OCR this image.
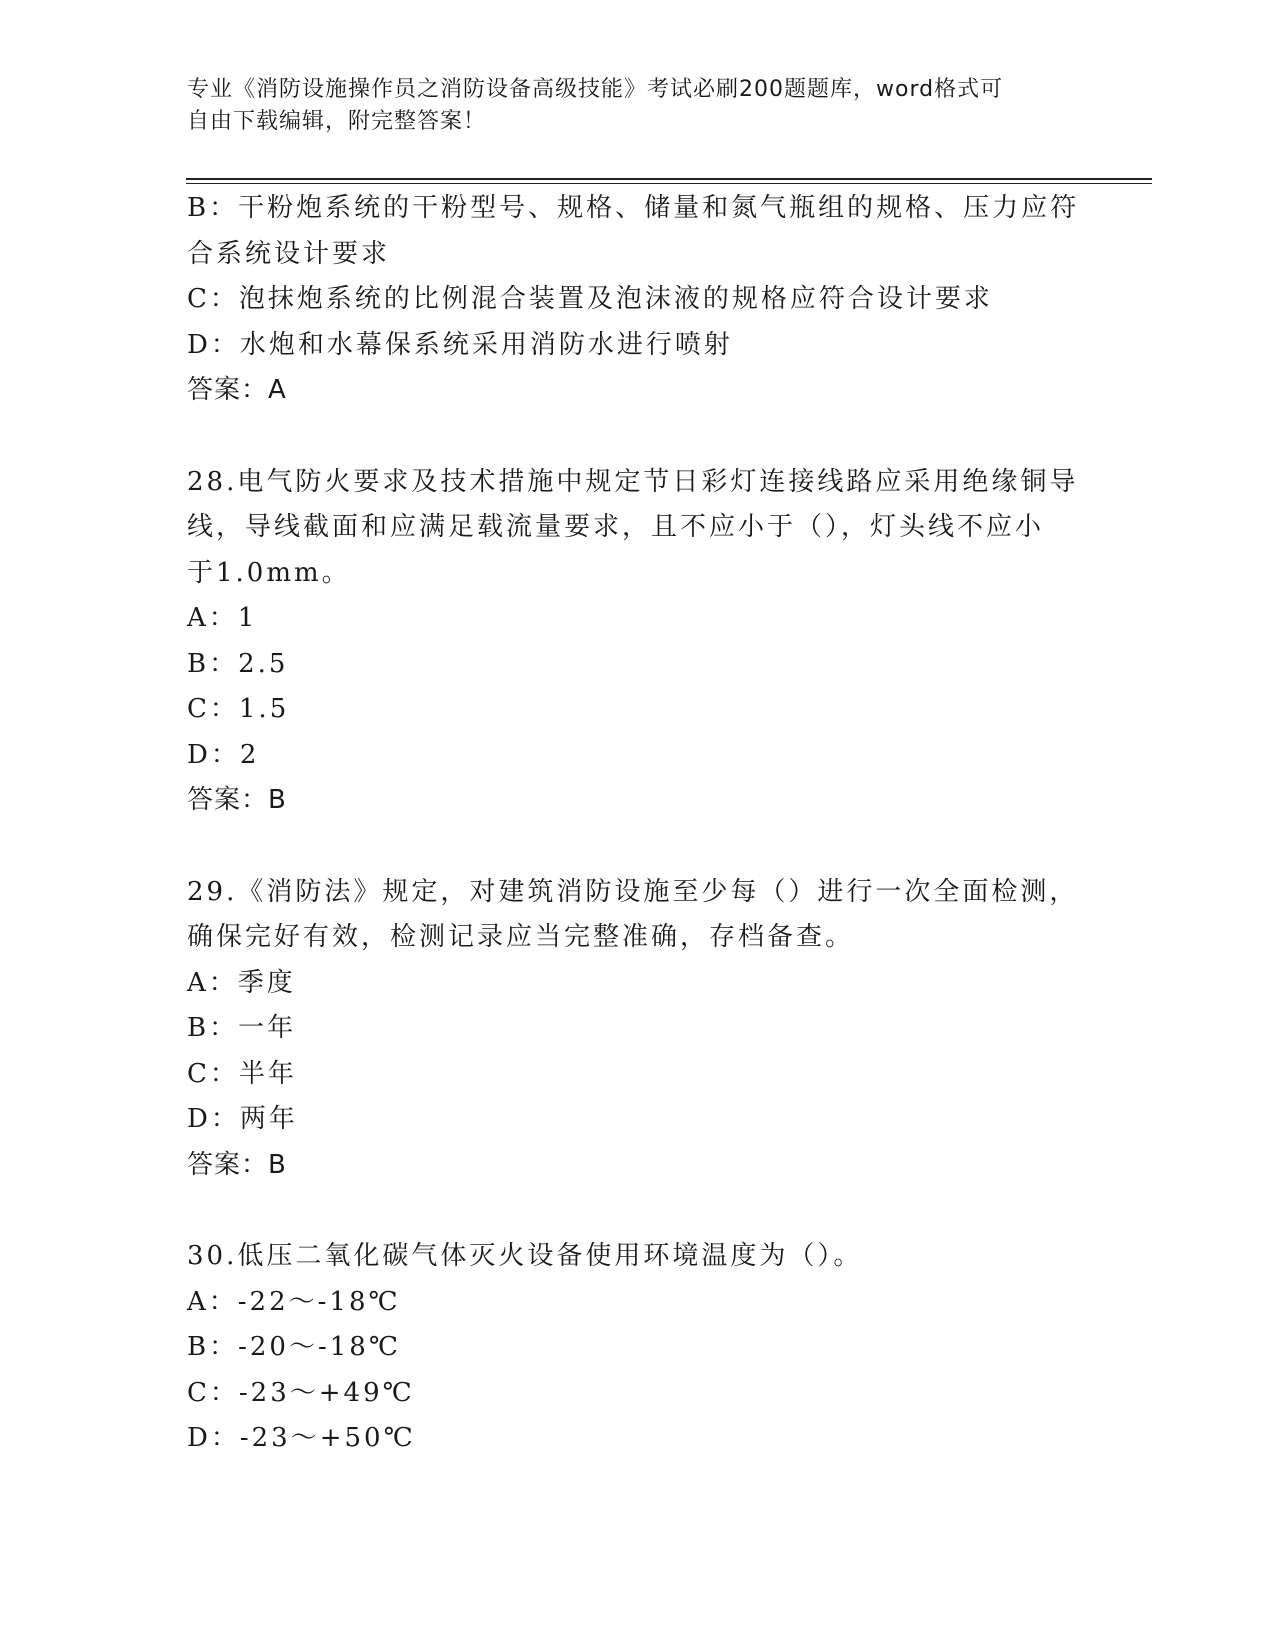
专业《消防设施操作员之消防设备高级技能》考试必刷200题题库，word格式可
自由下载编辑，附完整答案！
B：干粉炮系统的干粉型号、规格、储量和氮气瓶组的规格、压力应符
合系统设计要求
C：泡抹炮系统的比例混合装置及泡沫液的规格应符合设计要求
D：水炮和水幕保系统采用消防水进行喷射
答案：A
28.电气防火要求及技术措施中规定节日彩灯连接线路应采用绝缘铜导
线，导线截面和应满足载流量要求，且不应小于（），灯头线不应小
于1.0mm。
A：1
B：2.5
C：1.5
D：2
答案：B
29.《消防法》规定，对建筑消防设施至少每（）进行一次全面检测，
确保完好有效，检测记录应当完整准确，存档备查。
A：季度
B：一年
C：半年
D：两年
答案：B
30.低压二氧化碳气体灭火设备使用环境温度为（）。
A：-22～-18℃
B：-20～-18℃
C：-23～+49℃
D：-23～+50℃
